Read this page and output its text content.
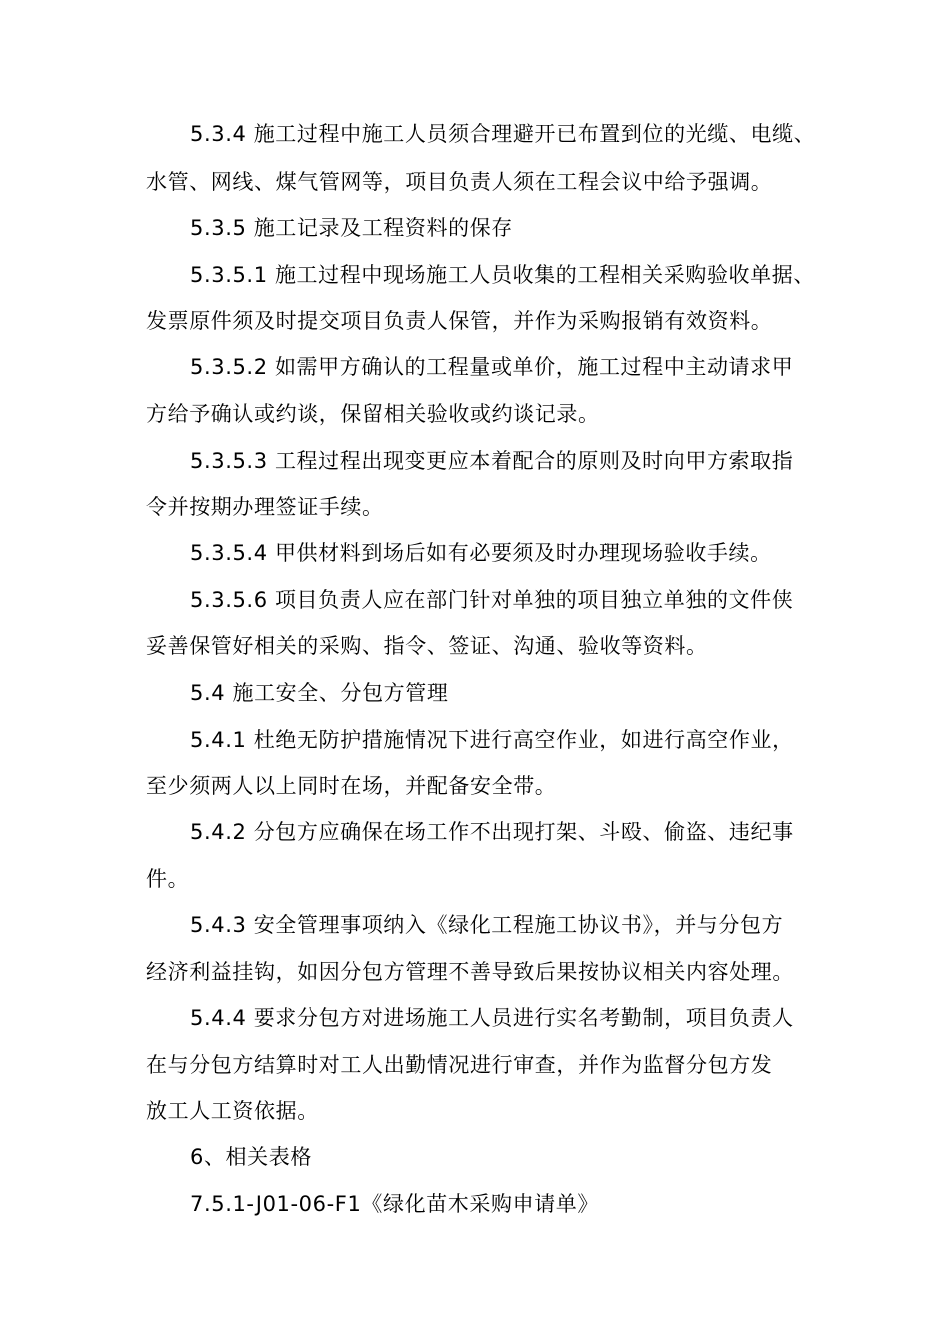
5.3.4 施工过程中施工人员须合理避开已布置到位的光缆、电缆、
水管、网线、煤气管网等，项目负责人须在工程会议中给予强调。
5.3.5 施工记录及工程资料的保存
5.3.5.1 施工过程中现场施工人员收集的工程相关采购验收单据、
发票原件须及时提交项目负责人保管，并作为采购报销有效资料。
5.3.5.2 如需甲方确认的工程量或单价，施工过程中主动请求甲
方给予确认或约谈，保留相关验收或约谈记录。
5.3.5.3 工程过程出现变更应本着配合的原则及时向甲方索取指
令并按期办理签证手续。
5.3.5.4 甲供材料到场后如有必要须及时办理现场验收手续。
5.3.5.6 项目负责人应在部门针对单独的项目独立单独的文件侠
妥善保管好相关的采购、指令、签证、沟通、验收等资料。
5.4 施工安全、分包方管理
5.4.1 杜绝无防护措施情况下进行高空作业，如进行高空作业，
至少须两人以上同时在场，并配备安全带。
5.4.2 分包方应确保在场工作不出现打架、斗殴、偷盗、违纪事
件。
5.4.3 安全管理事项纳入《绿化工程施工协议书》，并与分包方
经济利益挂钩，如因分包方管理不善导致后果按协议相关内容处理。
5.4.4 要求分包方对进场施工人员进行实名考勤制，项目负责人
在与分包方结算时对工人出勤情况进行审查，并作为监督分包方发
放工人工资依据。
6、相关表格
7.5.1-J01-06-F1《绿化苗木采购申请单》
